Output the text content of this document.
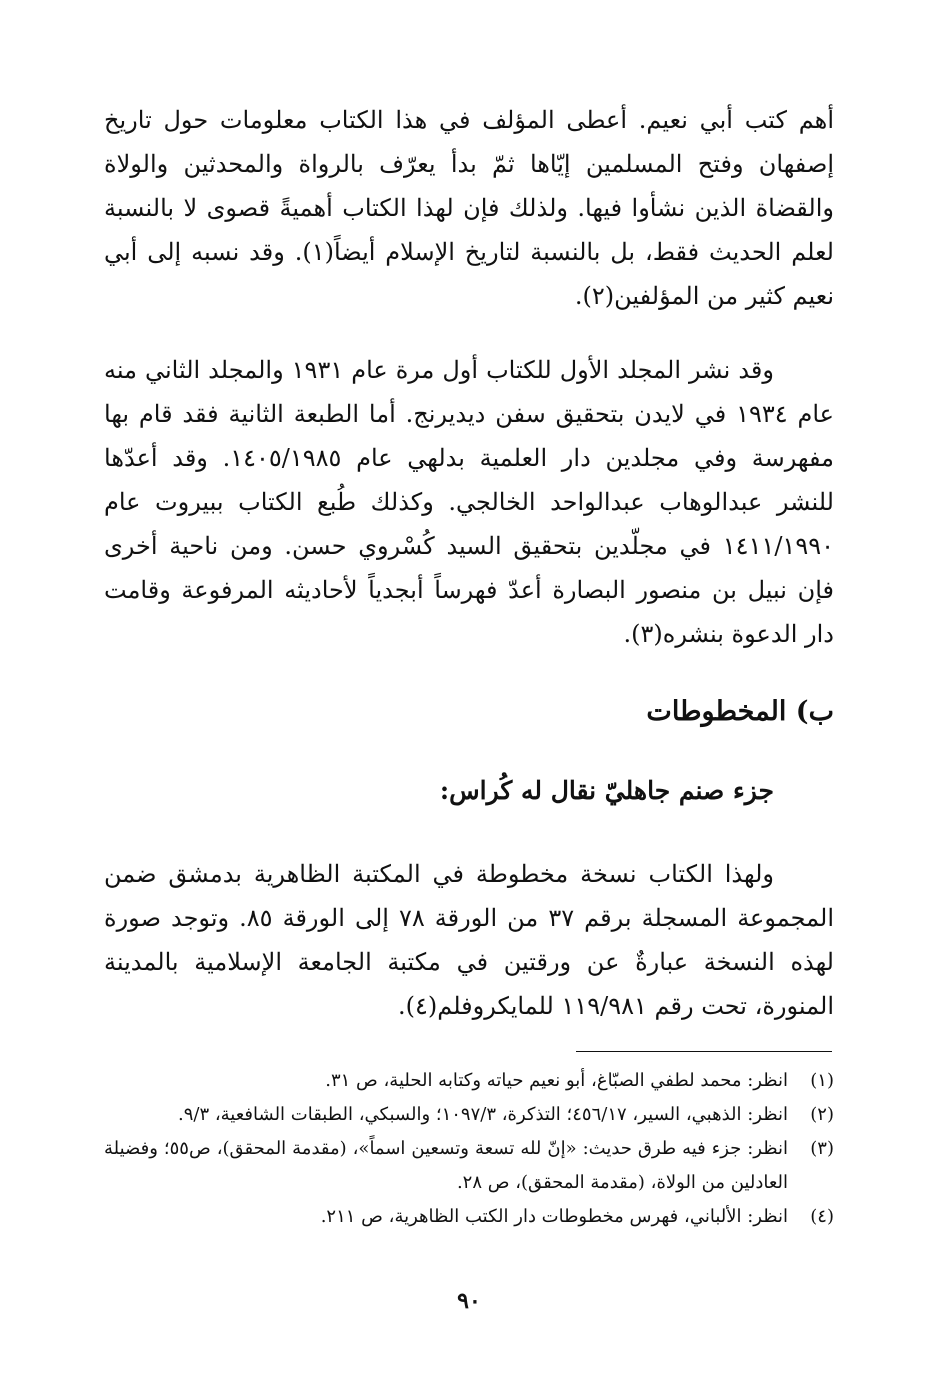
أهم كتب أبي نعيم. أعطى المؤلف في هذا الكتاب معلومات حول تاريخ إصفهان وفتح المسلمين إيّاها ثمّ بدأ يعرّف بالرواة والمحدثين والولاة والقضاة الذين نشأوا فيها. ولذلك فإن لهذا الكتاب أهميةً قصوى لا بالنسبة لعلم الحديث فقط، بل بالنسبة لتاريخ الإسلام أيضاً(١). وقد نسبه إلى أبي نعيم كثير من المؤلفين(٢).

وقد نشر المجلد الأول للكتاب أول مرة عام ١٩٣١ والمجلد الثاني منه عام ١٩٣٤ في لايدن بتحقيق سفن ديديرنج. أما الطبعة الثانية فقد قام بها مفهرسة وفي مجلدين دار العلمية بدلهي عام ١٤٠٥/١٩٨٥. وقد أعدّها للنشر عبدالوهاب عبدالواحد الخالجي. وكذلك طُبع الكتاب ببيروت عام ١٤١١/١٩٩٠ في مجلّدين بتحقيق السيد كُسْروي حسن. ومن ناحية أخرى فإن نبيل بن منصور البصارة أعدّ فهرساً أبجدياً لأحاديثه المرفوعة وقامت دار الدعوة بنشره(٣).

ب) المخطوطات
جزء صنم جاهليّ نقال له كُراس:

ولهذا الكتاب نسخة مخطوطة في المكتبة الظاهرية بدمشق ضمن المجموعة المسجلة برقم ٣٧ من الورقة ٧٨ إلى الورقة ٨٥. وتوجد صورة لهذه النسخة عبارةٌ عن ورقتين في مكتبة الجامعة الإسلامية بالمدينة المنورة، تحت رقم ١١٩/٩٨١ للمايكروفلم(٤).

(١)
انظر: محمد لطفي الصبّاغ، أبو نعيم حياته وكتابه الحلية، ص ٣١.
(٢)
انظر: الذهبي، السير، ٤٥٦/١٧؛ التذكرة، ١٠٩٧/٣؛ والسبكي، الطبقات الشافعية، ٩/٣.
(٣)
انظر: جزء فيه طرق حديث: «إنّ لله تسعة وتسعين اسماً»، (مقدمة المحقق)، ص٥٥؛ وفضيلة العادلين من الولاة، (مقدمة المحقق)، ص ٢٨.
(٤)
انظر: الألباني، فهرس مخطوطات دار الكتب الظاهرية، ص ٢١١.
٩٠
